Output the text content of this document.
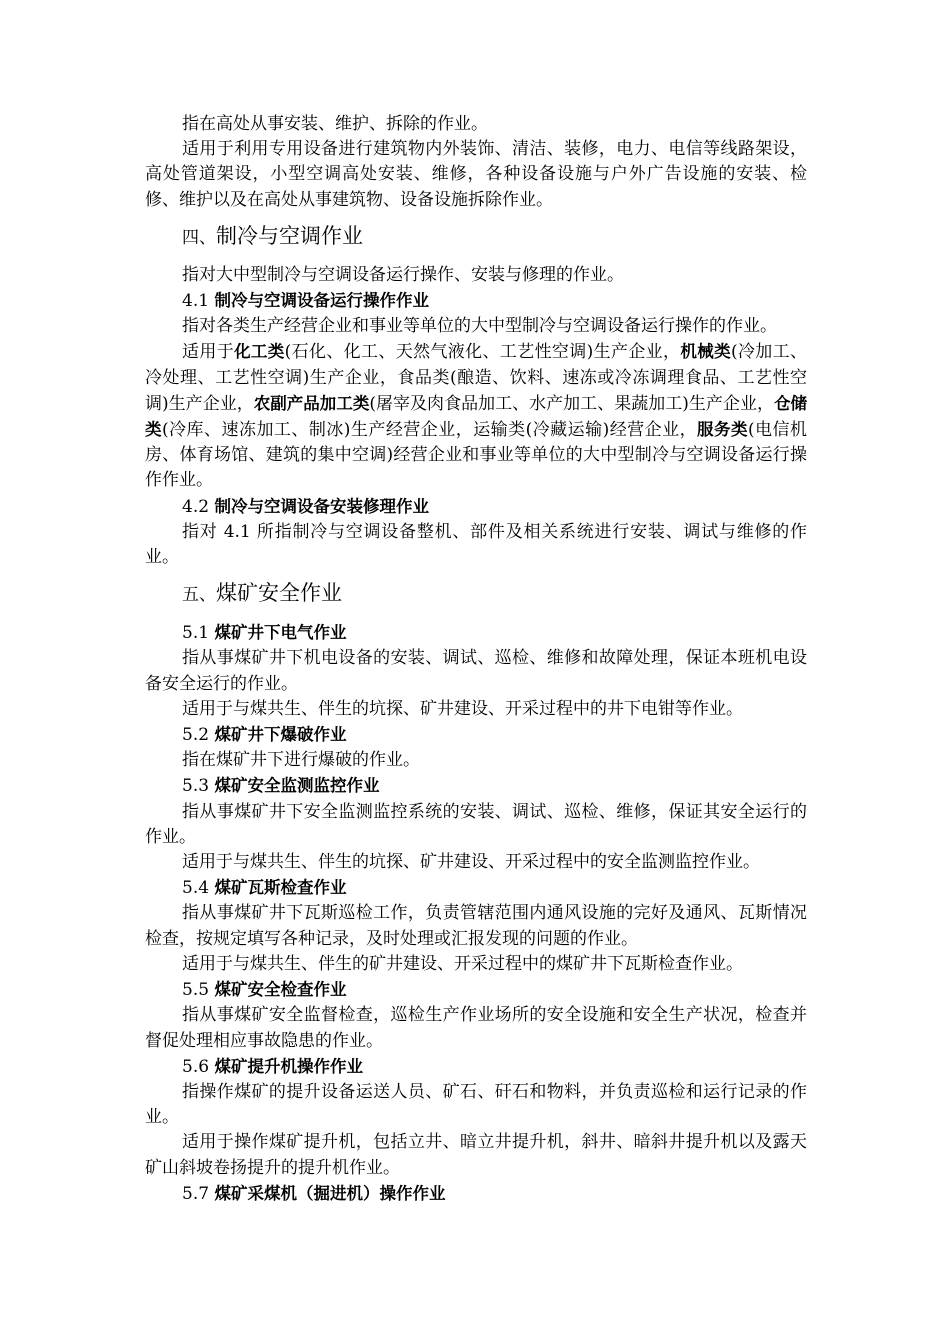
指在高处从事安装、维护、拆除的作业。

适用于利用专用设备进行建筑物内外装饰、清洁、装修，电力、电信等线路架设，高处管道架设，小型空调高处安装、维修，各种设备设施与户外广告设施的安装、检修、维护以及在高处从事建筑物、设备设施拆除作业。

四、制冷与空调作业

指对大中型制冷与空调设备运行操作、安装与修理的作业。

4.1 制冷与空调设备运行操作作业

指对各类生产经营企业和事业等单位的大中型制冷与空调设备运行操作的作业。

适用于化工类(石化、化工、天然气液化、工艺性空调)生产企业，机械类(冷加工、冷处理、工艺性空调)生产企业，食品类(酿造、饮料、速冻或冷冻调理食品、工艺性空调)生产企业，农副产品加工类(屠宰及肉食品加工、水产加工、果蔬加工)生产企业，仓储类(冷库、速冻加工、制冰)生产经营企业，运输类(冷藏运输)经营企业，服务类(电信机房、体育场馆、建筑的集中空调)经营企业和事业等单位的大中型制冷与空调设备运行操作作业。

4.2 制冷与空调设备安装修理作业

指对 4.1 所指制冷与空调设备整机、部件及相关系统进行安装、调试与维修的作业。

五、煤矿安全作业
5.1 煤矿井下电气作业

指从事煤矿井下机电设备的安装、调试、巡检、维修和故障处理，保证本班机电设备安全运行的作业。

适用于与煤共生、伴生的坑探、矿井建设、开采过程中的井下电钳等作业。

5.2 煤矿井下爆破作业

指在煤矿井下进行爆破的作业。

5.3 煤矿安全监测监控作业

指从事煤矿井下安全监测监控系统的安装、调试、巡检、维修，保证其安全运行的作业。

适用于与煤共生、伴生的坑探、矿井建设、开采过程中的安全监测监控作业。

5.4 煤矿瓦斯检查作业

指从事煤矿井下瓦斯巡检工作，负责管辖范围内通风设施的完好及通风、瓦斯情况检查，按规定填写各种记录，及时处理或汇报发现的问题的作业。

适用于与煤共生、伴生的矿井建设、开采过程中的煤矿井下瓦斯检查作业。

5.5 煤矿安全检查作业

指从事煤矿安全监督检查，巡检生产作业场所的安全设施和安全生产状况，检查并督促处理相应事故隐患的作业。

5.6 煤矿提升机操作作业

指操作煤矿的提升设备运送人员、矿石、矸石和物料，并负责巡检和运行记录的作业。

适用于操作煤矿提升机，包括立井、暗立井提升机，斜井、暗斜井提升机以及露天矿山斜坡卷扬提升的提升机作业。

5.7 煤矿采煤机（掘进机）操作作业
